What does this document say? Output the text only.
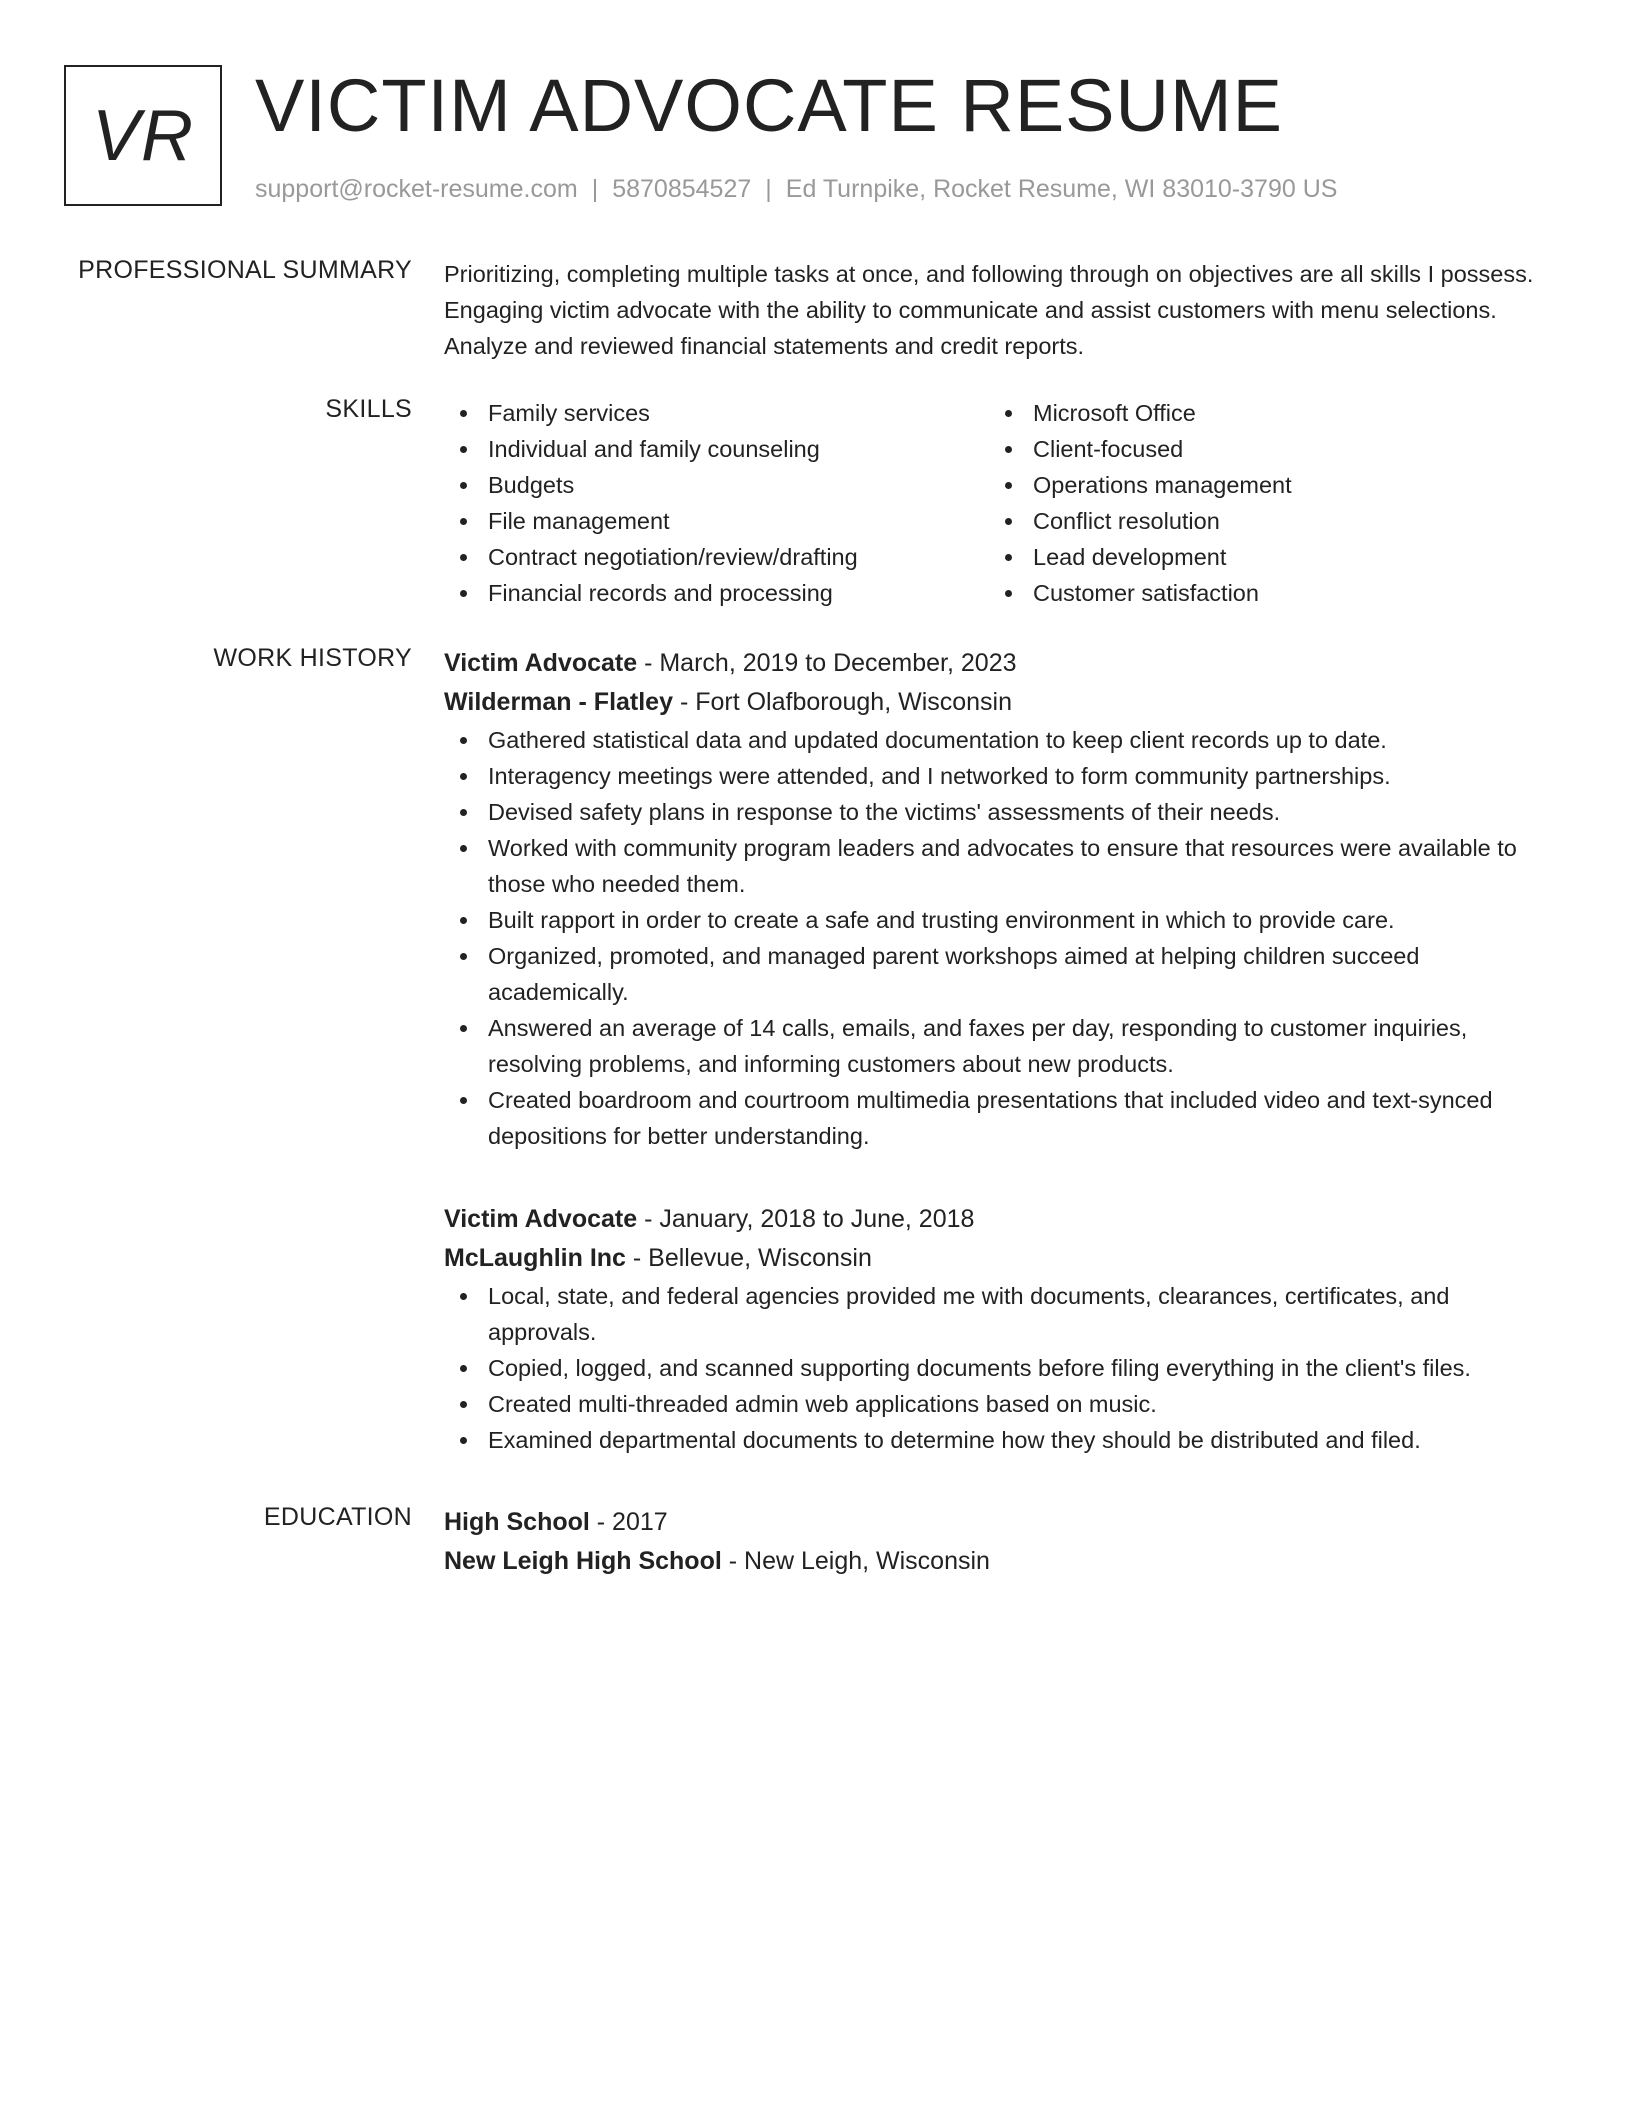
VR VICTIM ADVOCATE RESUME
support@rocket-resume.com | 5870854527 | Ed Turnpike, Rocket Resume, WI 83010-3790 US
PROFESSIONAL SUMMARY Prioritizing, completing multiple tasks at once, and following through on objectives are all skills I possess. Engaging victim advocate with the ability to communicate and assist customers with menu selections. Analyze and reviewed financial statements and credit reports.

SKILLS	Family services
Individual and family counseling
Budgets
File management
Contract negotiation/review/drafting
Financial records and processing
Microsoft Office
Client-focused
Operations management
Conflict resolution
Lead development
Customer satisfaction
WORK HISTORY Victim Advocate - March, 2019 to December, 2023
Wilderman - Flatley - Fort Olafborough, Wisconsin
Gathered statistical data and updated documentation to keep client records up to date.
Interagency meetings were attended, and I networked to form community partnerships.
Devised safety plans in response to the victims' assessments of their needs.
Worked with community program leaders and advocates to ensure that resources were available to those who needed them.
Built rapport in order to create a safe and trusting environment in which to provide care.
Organized, promoted, and managed parent workshops aimed at helping children succeed academically.
Answered an average of 14 calls, emails, and faxes per day, responding to customer inquiries, resolving problems, and informing customers about new products.
Created boardroom and courtroom multimedia presentations that included video and text-synced depositions for better understanding.
Victim Advocate - January, 2018 to June, 2018
McLaughlin Inc - Bellevue, Wisconsin
Local, state, and federal agencies provided me with documents, clearances, certificates, and approvals.
Copied, logged, and scanned supporting documents before filing everything in the client's files.
Created multi-threaded admin web applications based on music.
Examined departmental documents to determine how they should be distributed and filed.
EDUCATION High School - 2017
New Leigh High School - New Leigh, Wisconsin
